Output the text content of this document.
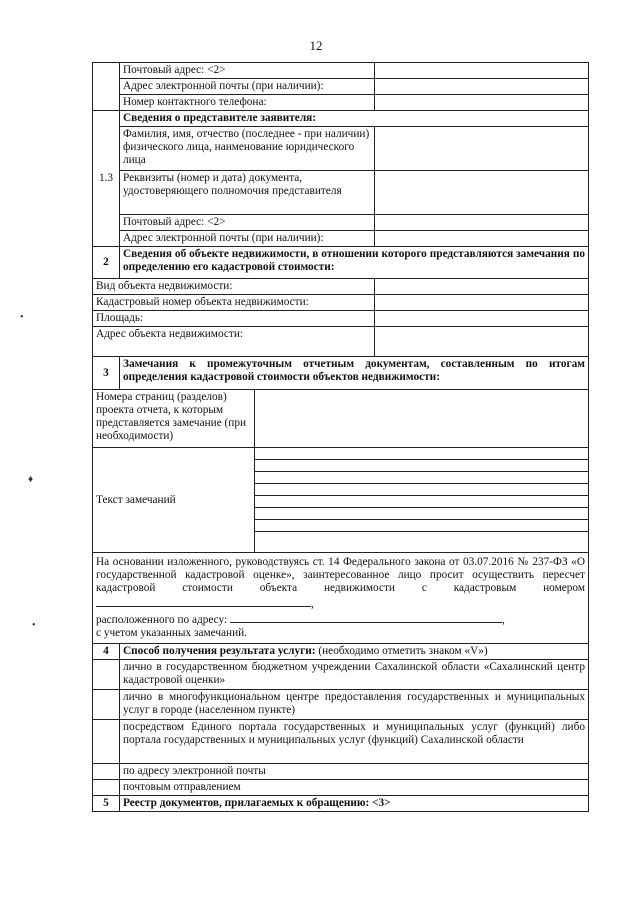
12
•
♦
•
	Почтовый адрес: <2>	
Адрес электронной почты (при наличии):	
Номер контактного телефона:	
1.3	Сведения о представителе заявителя:
Фамилия, имя, отчество (последнее - при наличии) физического лица, наименование юридического лица	
Реквизиты (номер и дата) документа, удостоверяющего полномочия представителя	
Почтовый адрес: <2>	
Адрес электронной почты (при наличии):	
2	Сведения об объекте недвижимости, в отношении которого представляются замечания по определению его кадастровой стоимости:
Вид объекта недвижимости:	
Кадастровый номер объекта недвижимости:	
Площадь:	
Адрес объекта недвижимости:	
3	Замечания к промежуточным отчетным документам, составленным по итогам определения кадастровой стоимости объектов недвижимости:
Номера страниц (разделов) проекта отчета, к которым представляется замечание (при необходимости)	
Текст замечаний	

На основании изложенного, руководствуясь ст. 14 Федерального закона от 03.07.2016 № 237-ФЗ «О государственной кадастровой оценке», заинтересованное лицо просит осуществить пересчет кадастровой стоимости объекта недвижимости с кадастровым номером ,
расположенного по адресу:	,
с учетом указанных замечаний.
4	Способ получения результата услуги: (необходимо отметить знаком «V»)
	лично в государственном бюджетном учреждении Сахалинской области «Сахалинский центр кадастровой оценки»
	лично в многофункциональном центре предоставления государственных и муниципальных услуг в городе (населенном пункте)
	посредством Единого портала государственных и муниципальных услуг (функций) либо портала государственных и муниципальных услуг (функций) Сахалинской области
	по адресу электронной почты
	почтовым отправлением
5	Реестр документов, прилагаемых к обращению: <3>
